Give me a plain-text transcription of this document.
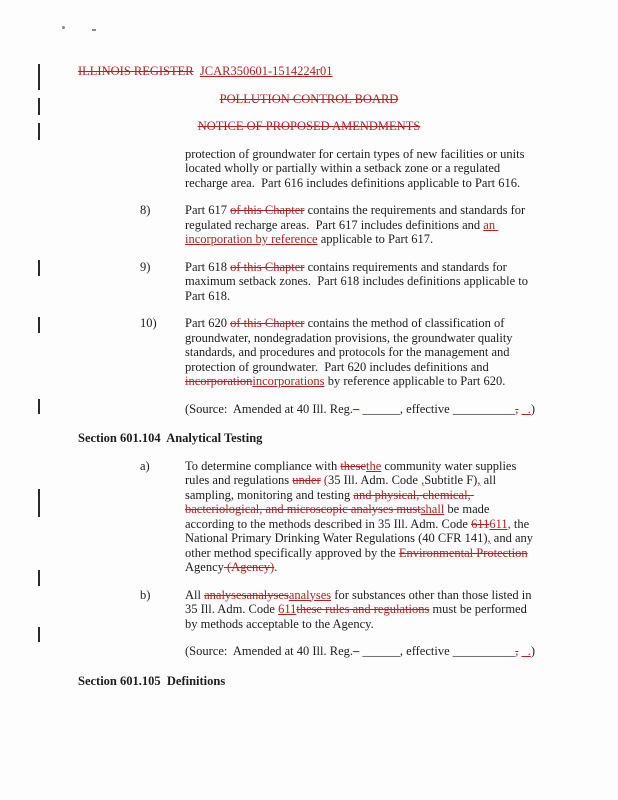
ILLINOIS REGISTER JCAR350601-1514224r01

POLLUTION CONTROL BOARD

NOTICE OF PROPOSED AMENDMENTS

protection of groundwater for certain types of new facilities or units located wholly or partially within a setback zone or a regulated recharge area.  Part 616 includes definitions applicable to Part 616.

8)	Part 617 of this Chapter contains the requirements and standards for regulated recharge areas.  Part 617 includes definitions and an incorporation by reference applicable to Part 617.
9)	Part 618 of this Chapter contains requirements and standards for maximum setback zones.  Part 618 includes definitions applicable to Part 618.
10)	Part 620 of this Chapter contains the method of classification of groundwater, nondegradation provisions, the groundwater quality standards, and procedures and protocols for the management and protection of groundwater.  Part 620 includes definitions and incorporationincorporations by reference applicable to Part 620.

(Source:  Amended at 40 Ill. Reg.– ______, effective __________, _.)

Section 601.104  Analytical Testing

a)	To determine compliance with thesethe community water supplies rules and regulations under (35 Ill. Adm. Code ,Subtitle F), all sampling, monitoring and testing and physical, chemical, bacteriological, and microscopic analyses mustshall be made according to the methods described in 35 Ill. Adm. Code 611611, the National Primary Drinking Water Regulations (40 CFR 141), and any other method specifically approved by the Environmental Protection Agency (Agency).
b)	All analysesanalysesanalyses for substances other than those listed in 35 Ill. Adm. Code 611these rules and regulations must be performed by methods acceptable to the Agency.

(Source:  Amended at 40 Ill. Reg.– ______, effective __________, _.)

Section 601.105  Definitions
